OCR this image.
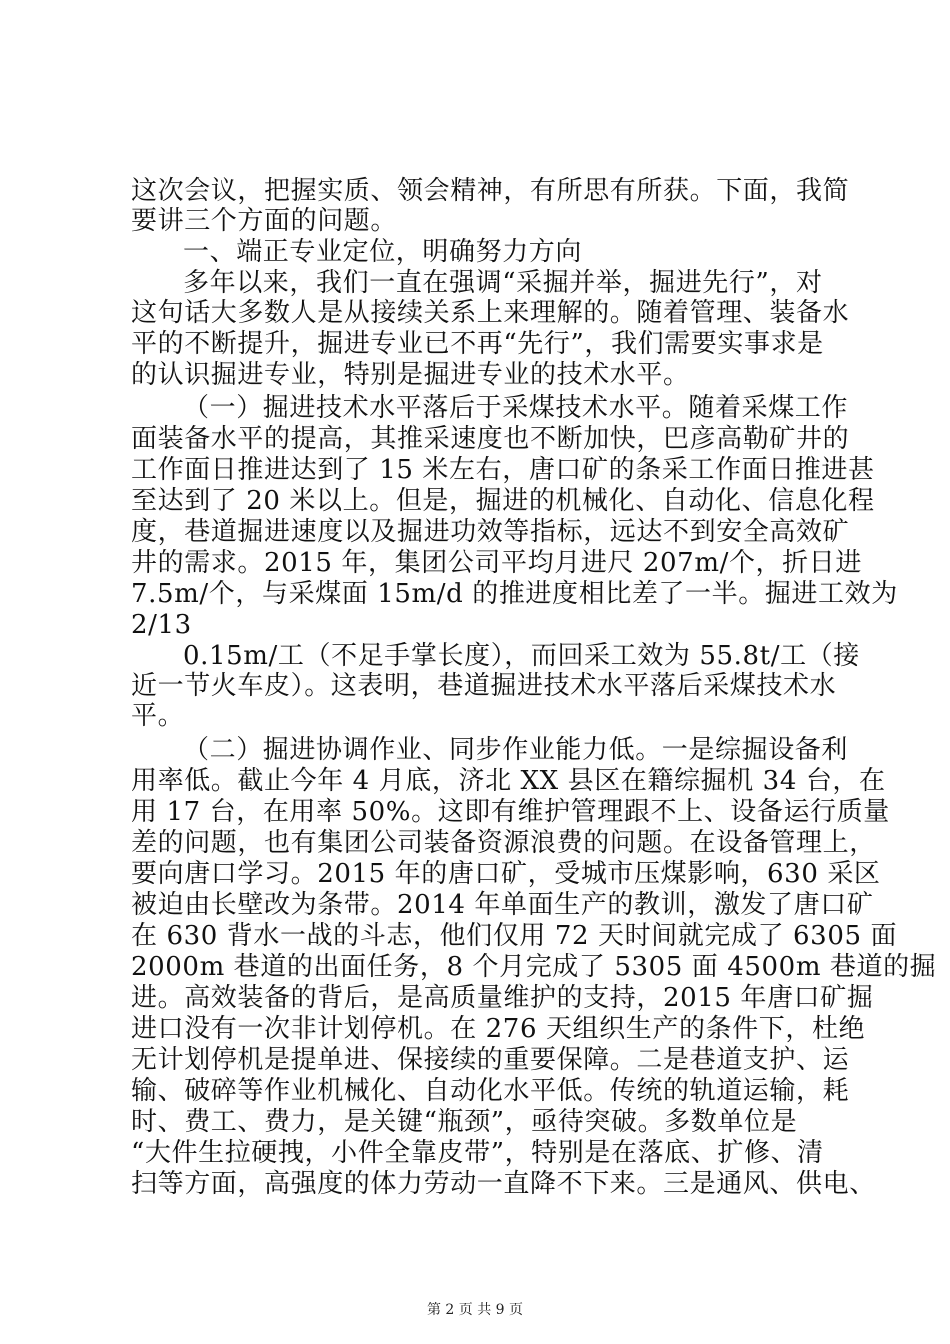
这次会议，把握实质、领会精神，有所思有所获。下面，我简
要讲三个方面的问题。
一、端正专业定位，明确努力方向
多年以来，我们一直在强调“采掘并举，掘进先行”，对
这句话大多数人是从接续关系上来理解的。随着管理、装备水
平的不断提升，掘进专业已不再“先行”，我们需要实事求是
的认识掘进专业，特别是掘进专业的技术水平。
（一）掘进技术水平落后于采煤技术水平。随着采煤工作
面装备水平的提高，其推采速度也不断加快，巴彦高勒矿井的
工作面日推进达到了 15 米左右，唐口矿的条采工作面日推进甚
至达到了 20 米以上。但是，掘进的机械化、自动化、信息化程
度，巷道掘进速度以及掘进功效等指标，远达不到安全高效矿
井的需求。2015 年，集团公司平均月进尺 207m/个，折日进
7.5m/个，与采煤面 15m/d 的推进度相比差了一半。掘进工效为
2/13
0.15m/工（不足手掌长度），而回采工效为 55.8t/工（接
近一节火车皮）。这表明，巷道掘进技术水平落后采煤技术水
平。
（二）掘进协调作业、同步作业能力低。一是综掘设备利
用率低。截止今年 4 月底，济北 XX 县区在籍综掘机 34 台，在
用 17 台，在用率 50%。这即有维护管理跟不上、设备运行质量
差的问题，也有集团公司装备资源浪费的问题。在设备管理上，
要向唐口学习。2015 年的唐口矿，受城市压煤影响，630 采区
被迫由长壁改为条带。2014 年单面生产的教训，激发了唐口矿
在 630 背水一战的斗志，他们仅用 72 天时间就完成了 6305 面
2000m 巷道的出面任务，8 个月完成了 5305 面 4500m 巷道的掘
进。高效装备的背后，是高质量维护的支持，2015 年唐口矿掘
进口没有一次非计划停机。在 276 天组织生产的条件下，杜绝
无计划停机是提单进、保接续的重要保障。二是巷道支护、运
输、破碎等作业机械化、自动化水平低。传统的轨道运输，耗
时、费工、费力，是关键“瓶颈”，亟待突破。多数单位是
“大件生拉硬拽，小件全靠皮带”，特别是在落底、扩修、清
扫等方面，高强度的体力劳动一直降不下来。三是通风、供电、
第 2 页 共 9 页
